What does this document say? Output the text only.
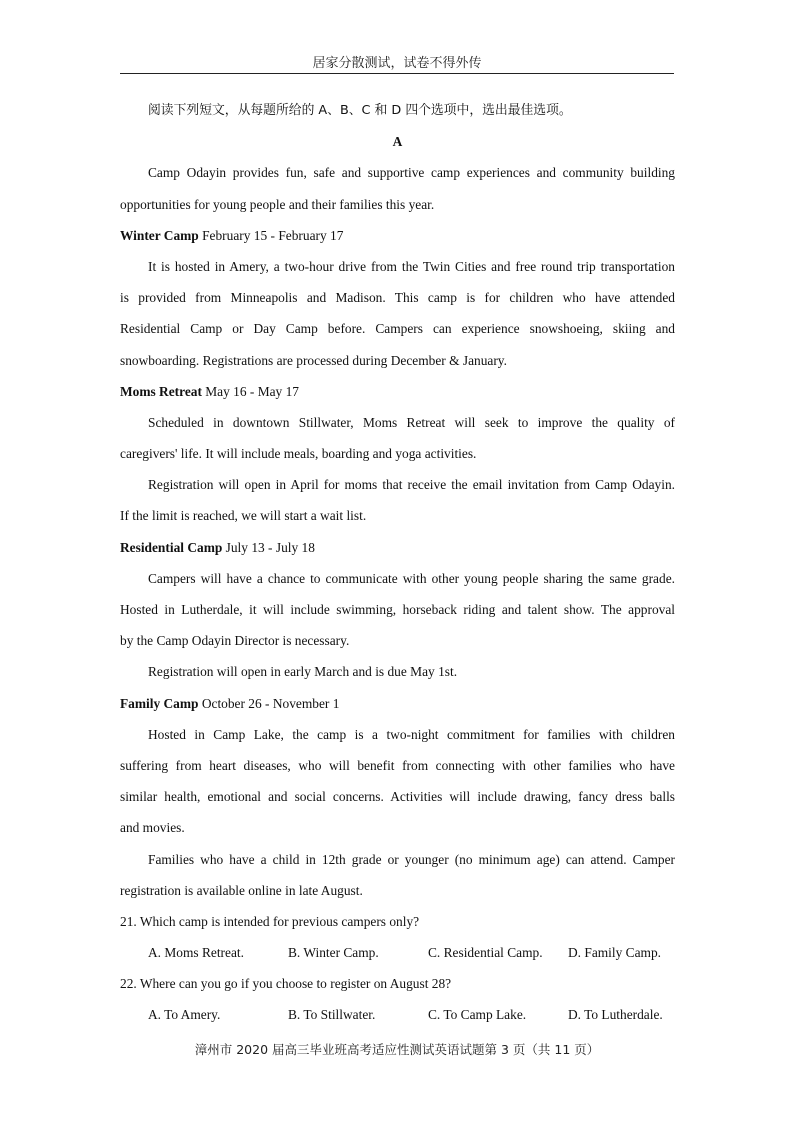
居家分散测试，试卷不得外传
阅读下列短文，从每题所给的 A、B、C 和 D 四个选项中，选出最佳选项。
A
Camp Odayin provides fun, safe and supportive camp experiences and community building
opportunities for young people and their families this year.
Winter Camp February 15 - February 17
It is hosted in Amery, a two-hour drive from the Twin Cities and free round trip transportation
is provided from Minneapolis and Madison. This camp is for children who have attended
Residential Camp or Day Camp before. Campers can experience snowshoeing, skiing and
snowboarding. Registrations are processed during December & January.
Moms Retreat May 16 - May 17
Scheduled in downtown Stillwater, Moms Retreat will seek to improve the quality of
caregivers' life. It will include meals, boarding and yoga activities.
Registration will open in April for moms that receive the email invitation from Camp Odayin.
If the limit is reached, we will start a wait list.
Residential Camp July 13 - July 18
Campers will have a chance to communicate with other young people sharing the same grade.
Hosted in Lutherdale, it will include swimming, horseback riding and talent show. The approval
by the Camp Odayin Director is necessary.
Registration will open in early March and is due May 1st.
Family Camp October 26 - November 1
Hosted in Camp Lake, the camp is a two-night commitment for families with children
suffering from heart diseases, who will benefit from connecting with other families who have
similar health, emotional and social concerns. Activities will include drawing, fancy dress balls
and movies.
Families who have a child in 12th grade or younger (no minimum age) can attend. Camper
registration is available online in late August.
21. Which camp is intended for previous campers only?
A. Moms Retreat.	B. Winter Camp.	C. Residential Camp.	D. Family Camp.
22. Where can you go if you choose to register on August 28?
A. To Amery.	B. To Stillwater.	C. To Camp Lake.	D. To Lutherdale.
漳州市 2020 届高三毕业班高考适应性测试英语试题第 3 页（共 11 页）
